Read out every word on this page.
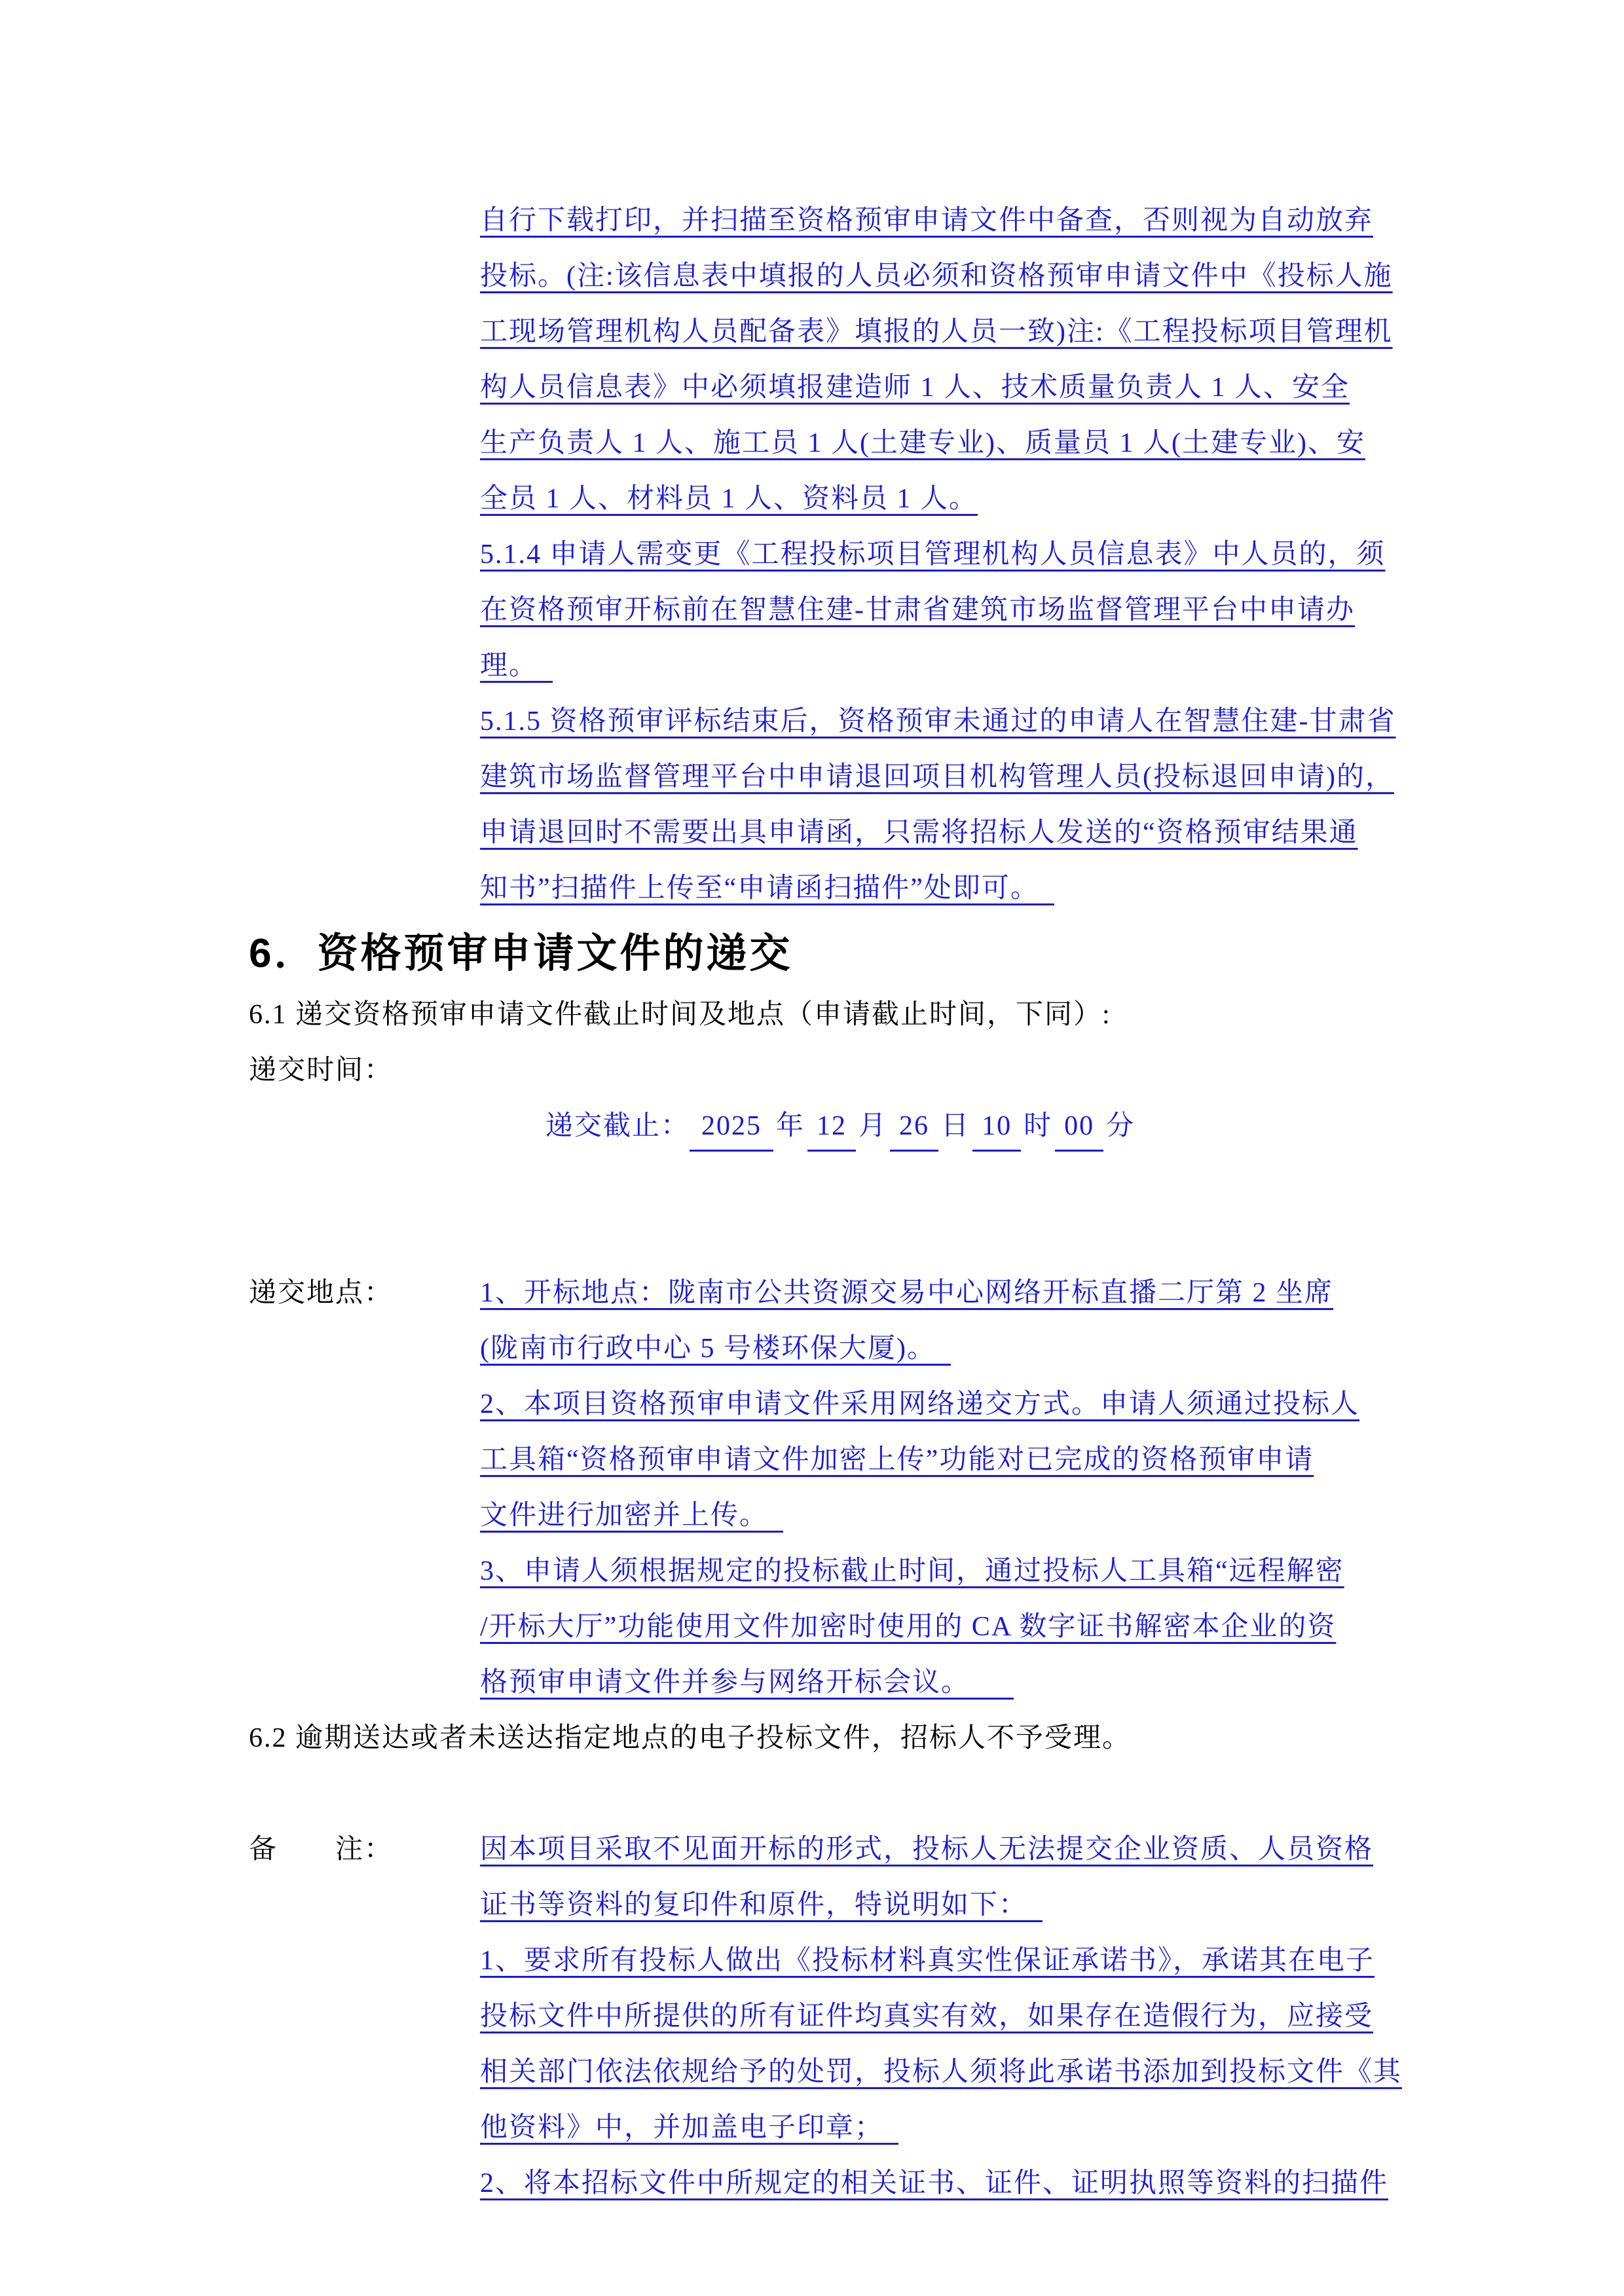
自行下载打印，并扫描至资格预审申请文件中备查，否则视为自动放弃
投标。(注:该信息表中填报的人员必须和资格预审申请文件中《投标人施
工现场管理机构人员配备表》填报的人员一致)注:《工程投标项目管理机
构人员信息表》中必须填报建造师 1 人、技术质量负责人 1 人、安全
生产负责人 1 人、施工员 1 人(土建专业)、质量员 1 人(土建专业)、安
全员 1 人、材料员 1 人、资料员 1 人。
5.1.4 申请人需变更《工程投标项目管理机构人员信息表》中人员的，须
在资格预审开标前在智慧住建-甘肃省建筑市场监督管理平台中申请办
理。　
5.1.5 资格预审评标结束后，资格预审未通过的申请人在智慧住建-甘肃省
建筑市场监督管理平台中申请退回项目机构管理人员(投标退回申请)的，
申请退回时不需要出具申请函，只需将招标人发送的“资格预审结果通
知书”扫描件上传至“申请函扫描件”处即可。　
6．资格预审申请文件的递交
6.1 递交资格预审申请文件截止时间及地点（申请截止时间，下同）:
递交时间：

递交截止： 2025 年 12 月 26 日 10 时 00 分

递交地点：	1、开标地点：陇南市公共资源交易中心网络开标直播二厅第 2 坐席
(陇南市行政中心 5 号楼环保大厦)。　
2、本项目资格预审申请文件采用网络递交方式。申请人须通过投标人
工具箱“资格预审申请文件加密上传”功能对已完成的资格预审申请
文件进行加密并上传。　
3、申请人须根据规定的投标截止时间，通过投标人工具箱“远程解密
/开标大厅”功能使用文件加密时使用的 CA 数字证书解密本企业的资
格预审申请文件并参与网络开标会议。　　
6.2 逾期送达或者未送达指定地点的电子投标文件，招标人不予受理。
备　　注：	因本项目采取不见面开标的形式，投标人无法提交企业资质、人员资格
证书等资料的复印件和原件，特说明如下：　
1、要求所有投标人做出《投标材料真实性保证承诺书》，承诺其在电子
投标文件中所提供的所有证件均真实有效，如果存在造假行为，应接受
相关部门依法依规给予的处罚，投标人须将此承诺书添加到投标文件《其
他资料》中，并加盖电子印章；　
2、将本招标文件中所规定的相关证书、证件、证明执照等资料的扫描件
